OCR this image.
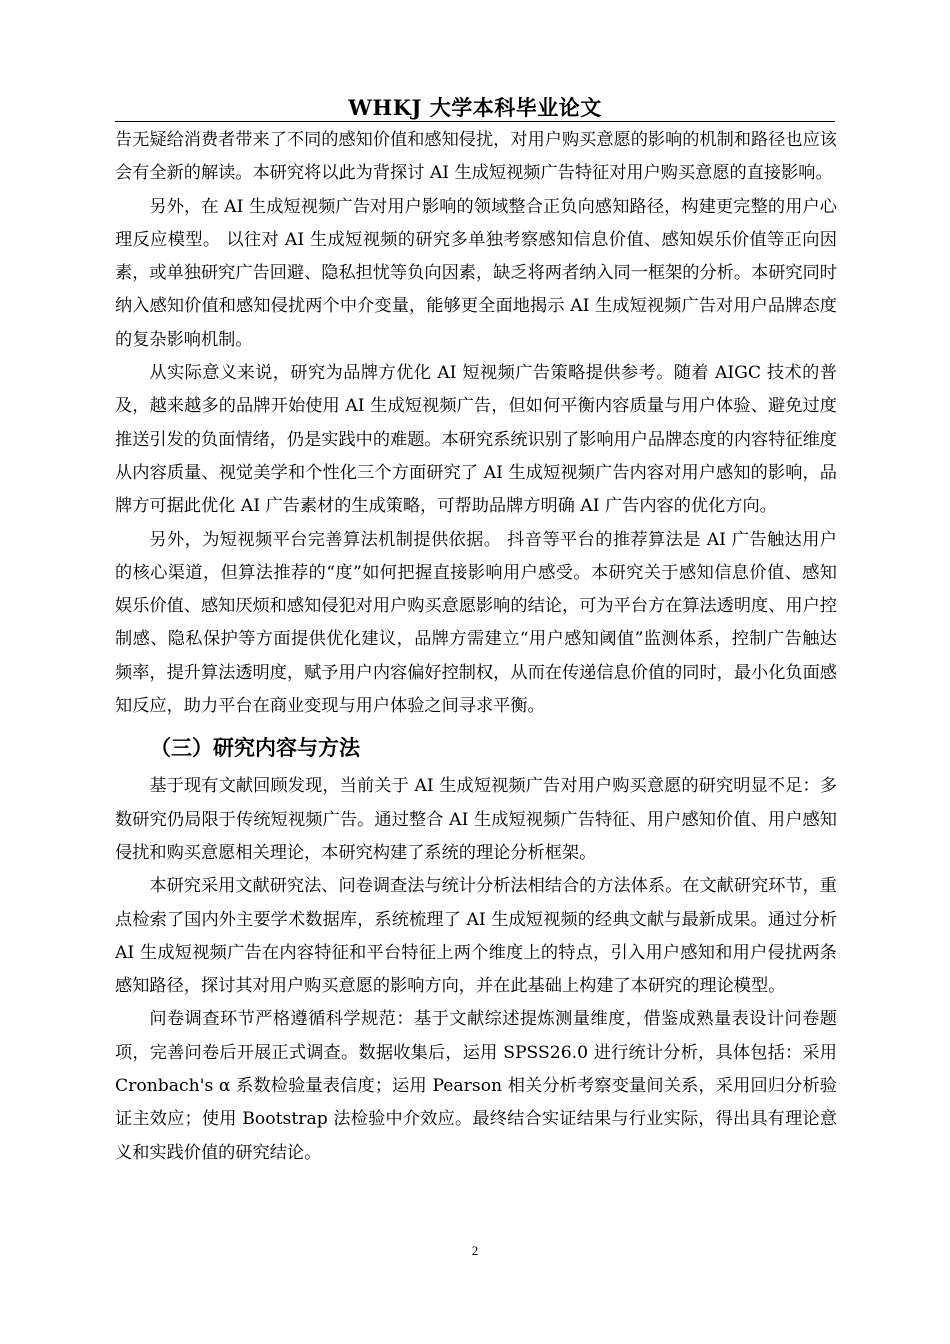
WHKJ 大学本科毕业论文

告无疑给消费者带来了不同的感知价值和感知侵扰，对用户购买意愿的影响的机制和路径也应该会有全新的解读。本研究将以此为背探讨 AI 生成短视频广告特征对用户购买意愿的直接影响。

另外，在 AI 生成短视频广告对用户影响的领域整合正负向感知路径，构建更完整的用户心理反应模型。 以往对 AI 生成短视频的研究多单独考察感知信息价值、感知娱乐价值等正向因素，或单独研究广告回避、隐私担忧等负向因素，缺乏将两者纳入同一框架的分析。本研究同时纳入感知价值和感知侵扰两个中介变量，能够更全面地揭示 AI 生成短视频广告对用户品牌态度的复杂影响机制。

从实际意义来说，研究为品牌方优化 AI 短视频广告策略提供参考。随着 AIGC 技术的普及，越来越多的品牌开始使用 AI 生成短视频广告，但如何平衡内容质量与用户体验、避免过度推送引发的负面情绪，仍是实践中的难题。本研究系统识别了影响用户品牌态度的内容特征维度从内容质量、视觉美学和个性化三个方面研究了 AI 生成短视频广告内容对用户感知的影响，品牌方可据此优化 AI 广告素材的生成策略，可帮助品牌方明确 AI 广告内容的优化方向。

另外，为短视频平台完善算法机制提供依据。 抖音等平台的推荐算法是 AI 广告触达用户的核心渠道，但算法推荐的“度”如何把握直接影响用户感受。本研究关于感知信息价值、感知娱乐价值、感知厌烦和感知侵犯对用户购买意愿影响的结论，可为平台方在算法透明度、用户控制感、隐私保护等方面提供优化建议，品牌方需建立“用户感知阈值”监测体系，控制广告触达频率，提升算法透明度，赋予用户内容偏好控制权，从而在传递信息价值的同时，最小化负面感知反应，助力平台在商业变现与用户体验之间寻求平衡。

（三）研究内容与方法

基于现有文献回顾发现，当前关于 AI 生成短视频广告对用户购买意愿的研究明显不足：多数研究仍局限于传统短视频广告。通过整合 AI 生成短视频广告特征、用户感知价值、用户感知侵扰和购买意愿相关理论，本研究构建了系统的理论分析框架。

本研究采用文献研究法、问卷调查法与统计分析法相结合的方法体系。在文献研究环节，重点检索了国内外主要学术数据库，系统梳理了 AI 生成短视频的经典文献与最新成果。通过分析 AI 生成短视频广告在内容特征和平台特征上两个维度上的特点，引入用户感知和用户侵扰两条感知路径，探讨其对用户购买意愿的影响方向，并在此基础上构建了本研究的理论模型。

问卷调查环节严格遵循科学规范：基于文献综述提炼测量维度，借鉴成熟量表设计问卷题项，完善问卷后开展正式调查。数据收集后，运用 SPSS26.0 进行统计分析，具体包括：采用 Cronbach's α 系数检验量表信度；运用 Pearson 相关分析考察变量间关系，采用回归分析验证主效应；使用 Bootstrap 法检验中介效应。最终结合实证结果与行业实际，得出具有理论意义和实践价值的研究结论。

2
